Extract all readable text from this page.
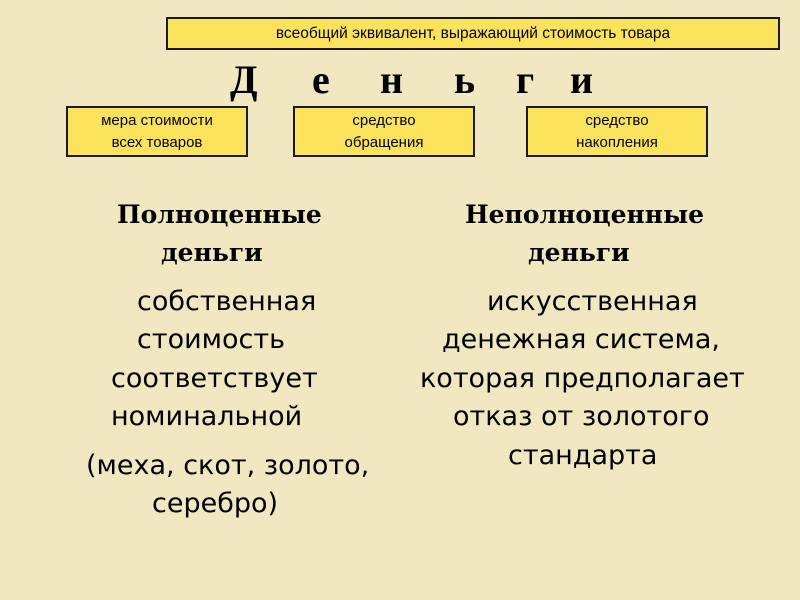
всеобщий эквивалент, выражающий стоимость товара
Д е н ь г и
мера стоимости
всех товаров
средство
обращения
средство
накопления
Полноценные
деньги
собственная
стоимость
соответствует
номинальной
(меха, скот, золото,
серебро)
Неполноценные
деньги
искусственная
денежная система,
которая предполагает
отказ от золотого
стандарта
